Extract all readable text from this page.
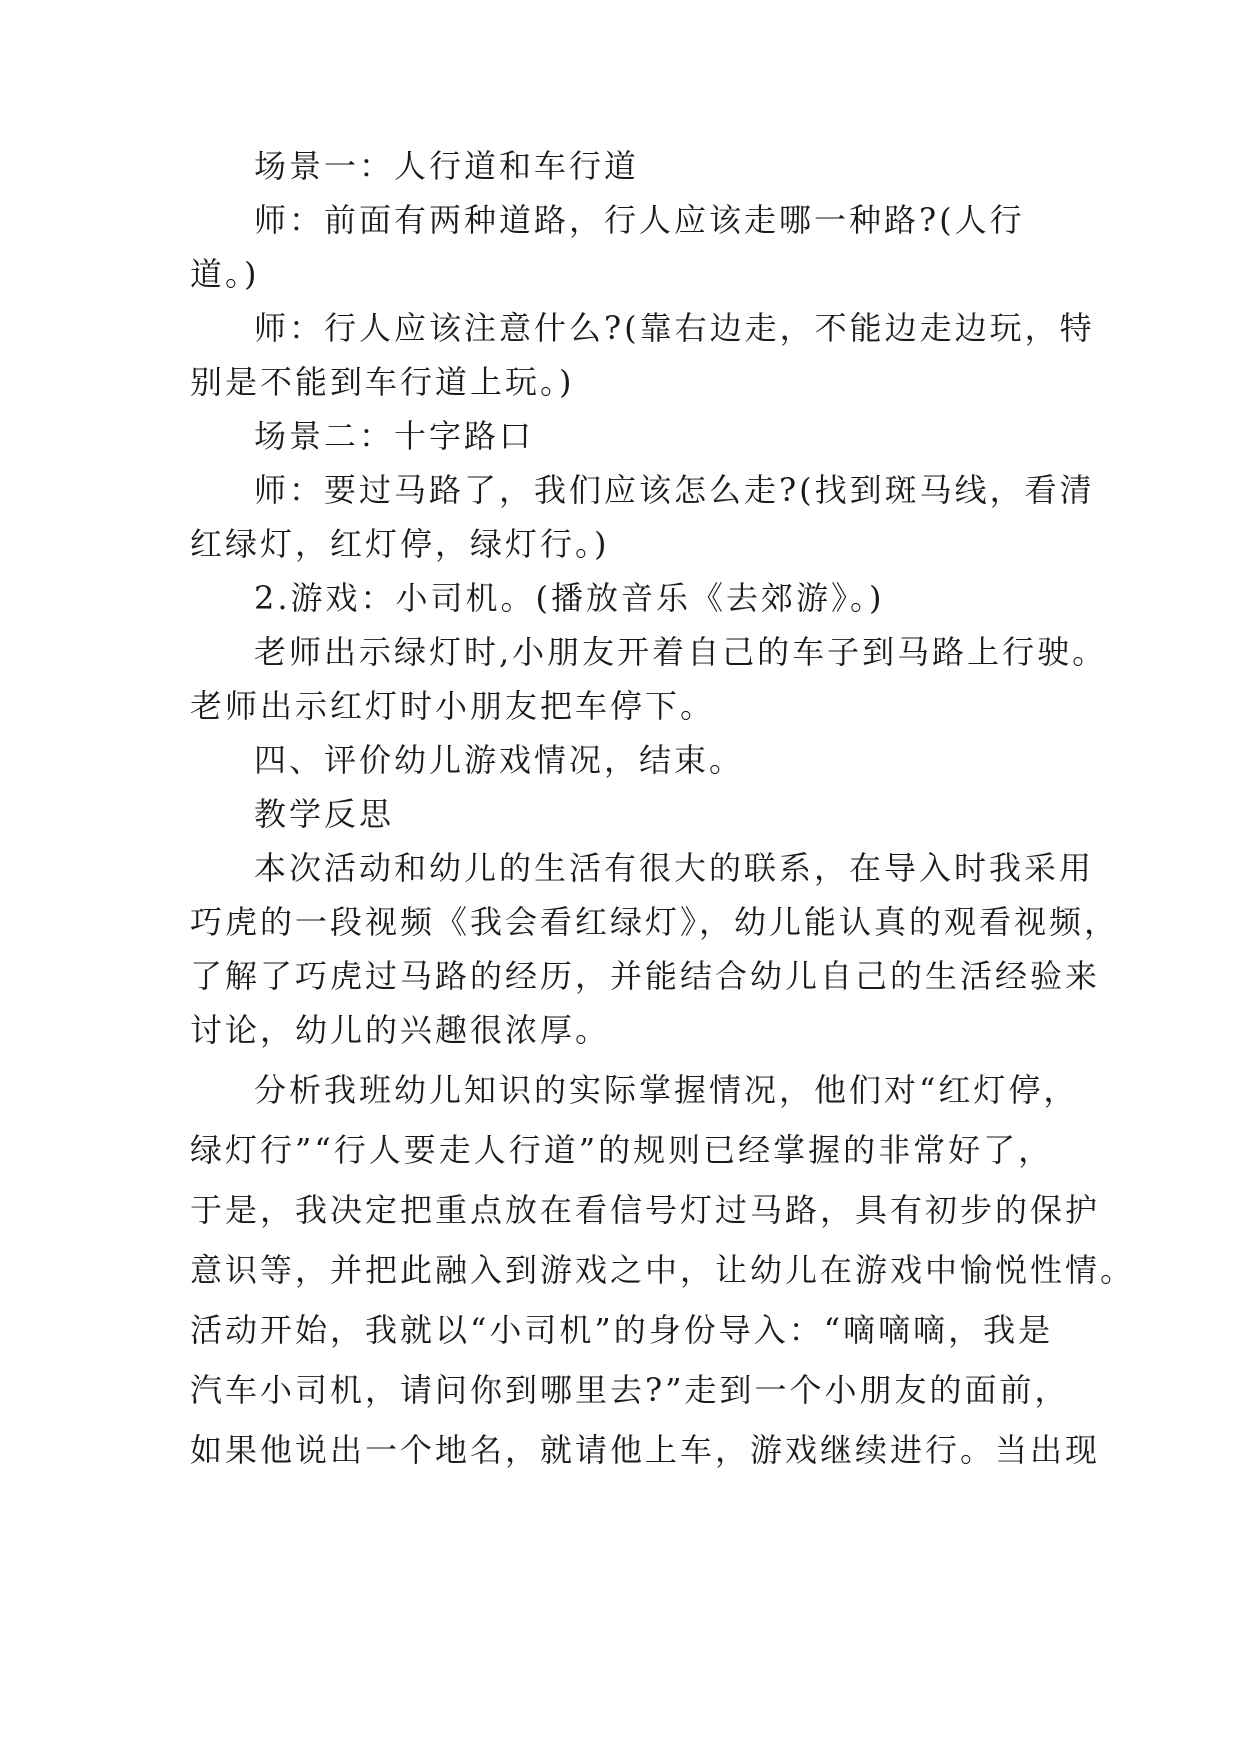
场景一：人行道和车行道
师：前面有两种道路，行人应该走哪一种路?(人行
道。)
师：行人应该注意什么?(靠右边走，不能边走边玩，特
别是不能到车行道上玩。)
场景二：十字路口
师：要过马路了，我们应该怎么走?(找到斑马线，看清
红绿灯，红灯停，绿灯行。)
2.游戏：小司机。(播放音乐《去郊游》。)
老师出示绿灯时,小朋友开着自己的车子到马路上行驶。
老师出示红灯时小朋友把车停下。
四、评价幼儿游戏情况，结束。
教学反思
本次活动和幼儿的生活有很大的联系，在导入时我采用
巧虎的一段视频《我会看红绿灯》，幼儿能认真的观看视频，
了解了巧虎过马路的经历，并能结合幼儿自己的生活经验来
讨论，幼儿的兴趣很浓厚。
分析我班幼儿知识的实际掌握情况，他们对“红灯停，
绿灯行”“行人要走人行道”的规则已经掌握的非常好了，
于是，我决定把重点放在看信号灯过马路，具有初步的保护
意识等，并把此融入到游戏之中，让幼儿在游戏中愉悦性情。
活动开始，我就以“小司机”的身份导入：“嘀嘀嘀，我是
汽车小司机，请问你到哪里去?”走到一个小朋友的面前，
如果他说出一个地名，就请他上车，游戏继续进行。当出现
